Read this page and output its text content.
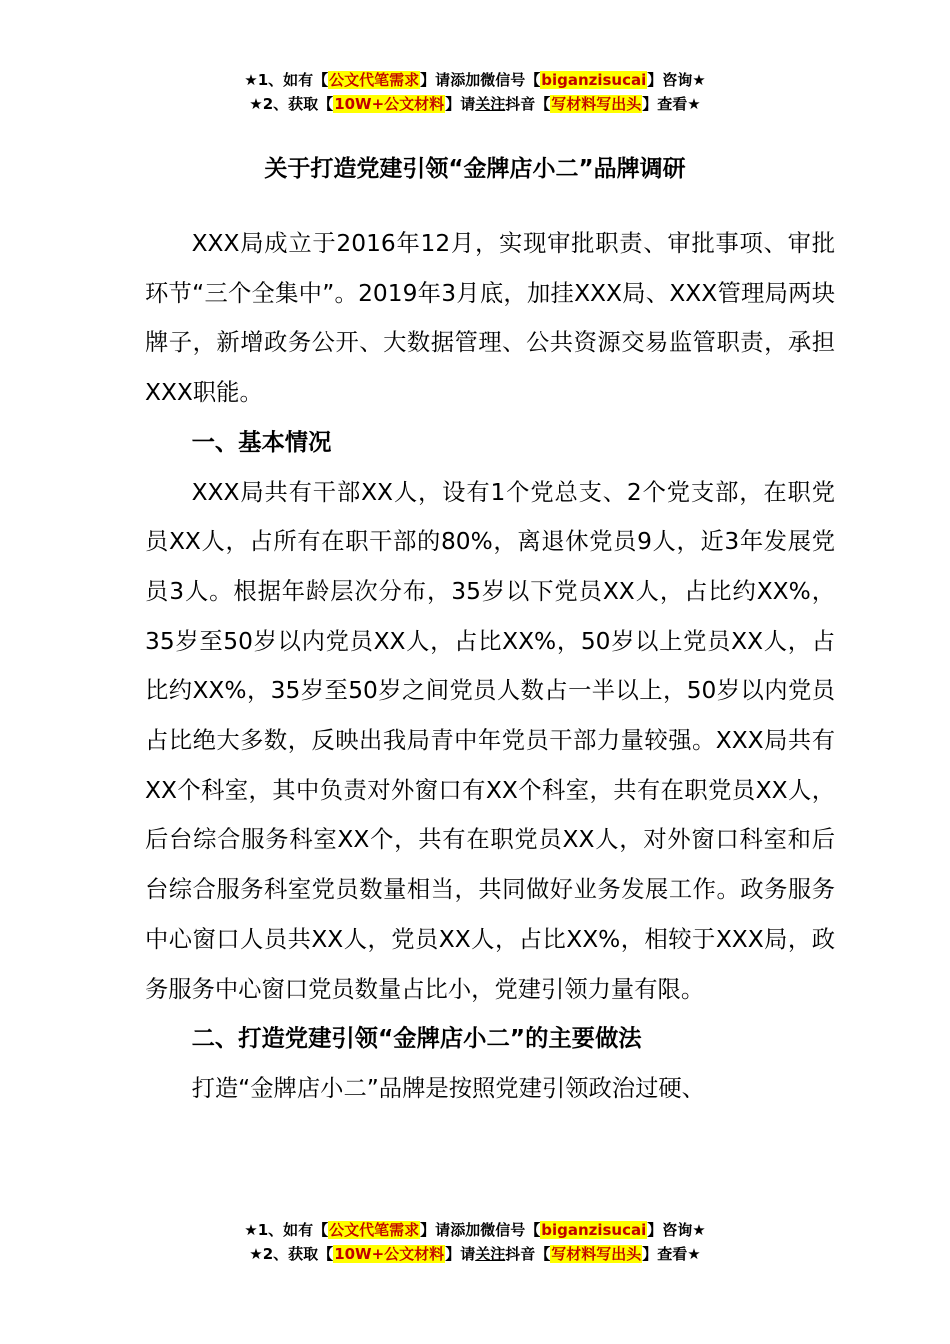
★1、如有【公文代笔需求】请添加微信号【biganzisucai】咨询★
★2、获取【10W+公文材料】请关注抖音【写材料写出头】查看★
关于打造党建引领“金牌店小二”品牌调研

XXX局成立于2016年12月，实现审批职责、审批事项、审批环节“三个全集中”。2019年3月底，加挂XXX局、XXX管理局两块牌子，新增政务公开、大数据管理、公共资源交易监管职责，承担XXX职能。

一、基本情况

XXX局共有干部XX人，设有1个党总支、2个党支部，在职党员XX人，占所有在职干部的80%，离退休党员9人，近3年发展党员3人。根据年龄层次分布，35岁以下党员XX人，占比约XX%，35岁至50岁以内党员XX人，占比XX%，50岁以上党员XX人，占比约XX%，35岁至50岁之间党员人数占一半以上，50岁以内党员占比绝大多数，反映出我局青中年党员干部力量较强。XXX局共有XX个科室，其中负责对外窗口有XX个科室，共有在职党员XX人，后台综合服务科室XX个，共有在职党员XX人，对外窗口科室和后台综合服务科室党员数量相当，共同做好业务发展工作。政务服务中心窗口人员共XX人，党员XX人，占比XX%，相较于XXX局，政务服务中心窗口党员数量占比小，党建引领力量有限。

二、打造党建引领“金牌店小二”的主要做法

打造“金牌店小二”品牌是按照党建引领政治过硬、

★1、如有【公文代笔需求】请添加微信号【biganzisucai】咨询★
★2、获取【10W+公文材料】请关注抖音【写材料写出头】查看★
